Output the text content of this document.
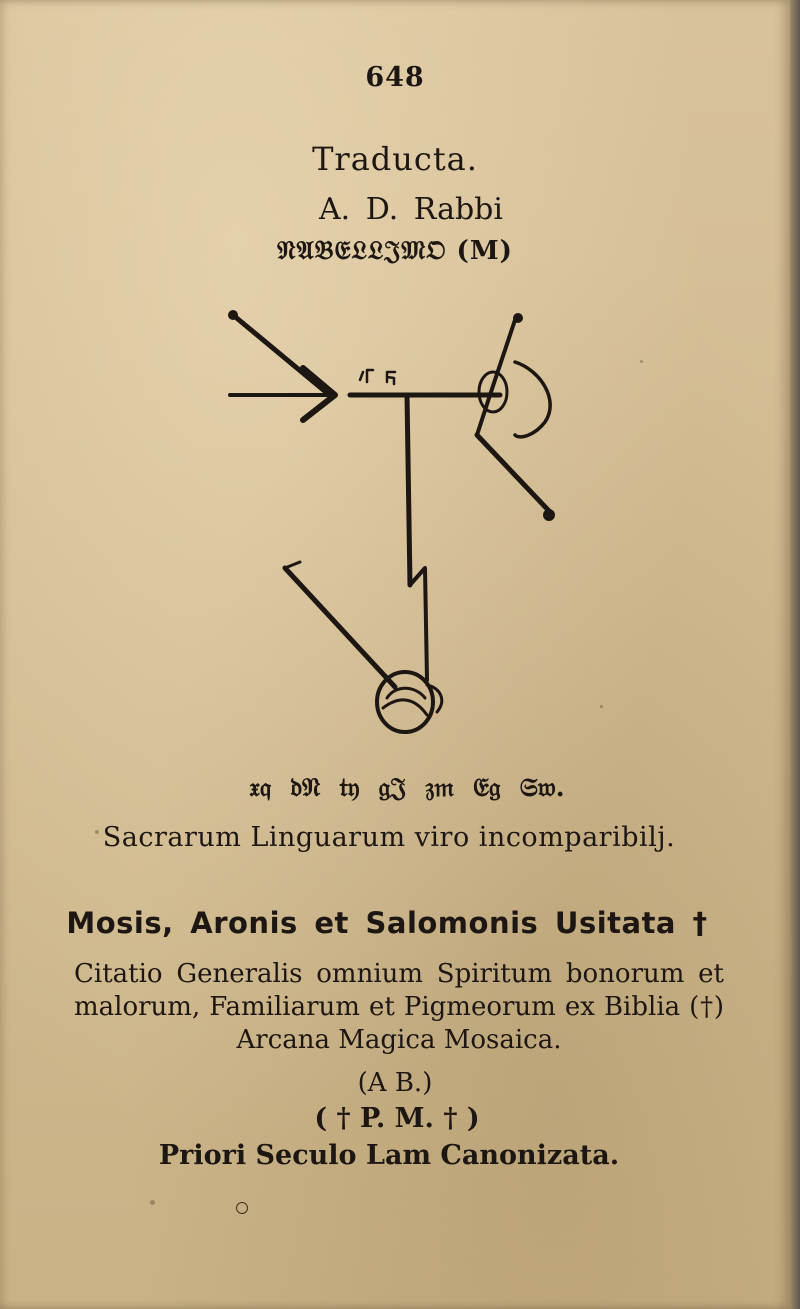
648
Traducta.
A. D. Rabbi
𝔑𝔄𝔅𝔈𝔏𝔏𝔍𝔐𝔒 (M)
𝔵𝔮 𝔡𝔑 𝔱𝔶 𝔤𝔍 𝔷𝔪 𝔈𝔤 𝔖𝔴.
Sacrarum Linguarum viro incomparibilj.
Mosis, Aronis et Salomonis Usitata †
Citatio Generalis omnium Spiritum bonorum et malorum, Familiarum et Pigmeorum ex Biblia (†) Arcana Magica Mosaica.
(A B.)
( † P. M. † )
Priori Seculo Lam Canonizata.
